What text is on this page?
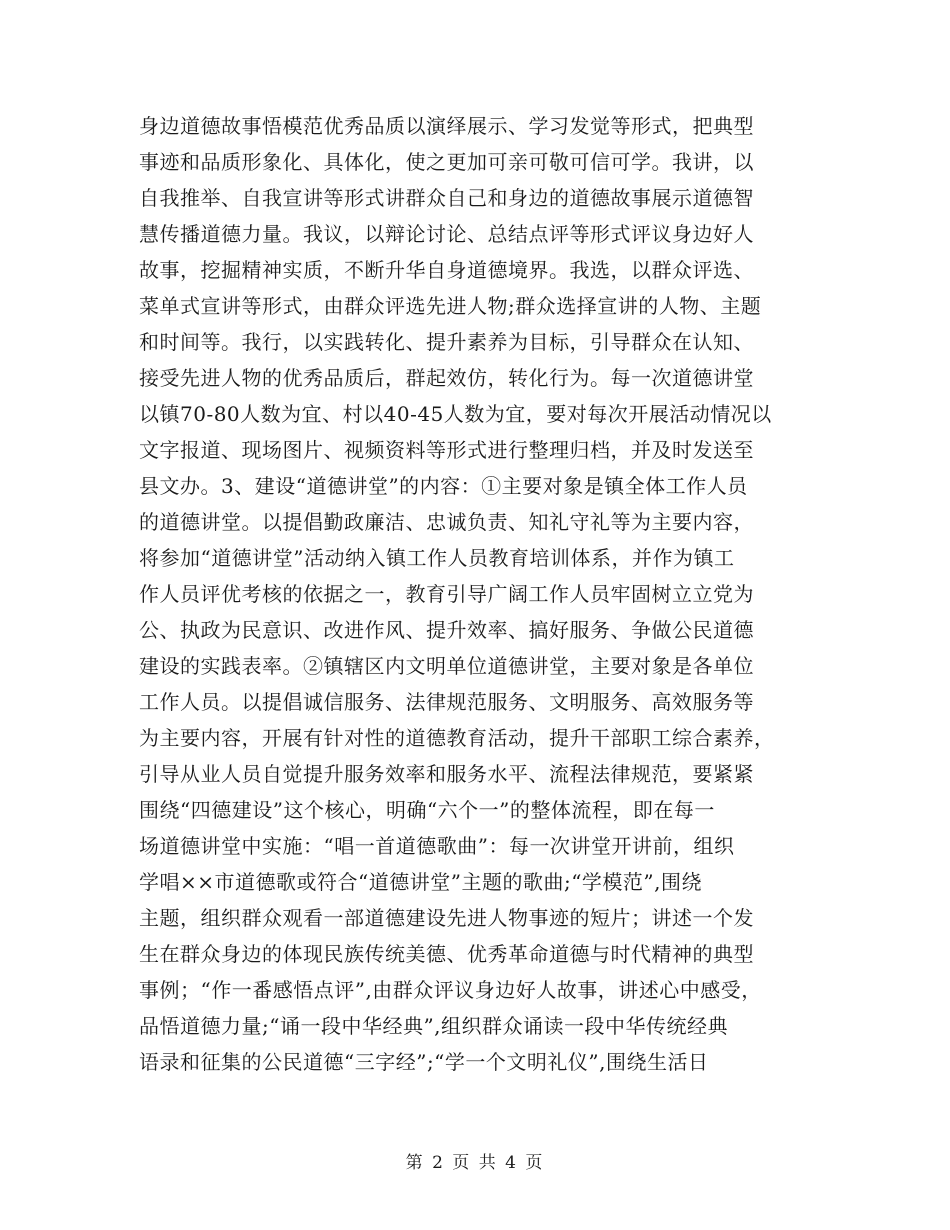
身边道德故事悟模范优秀品质以演绎展示、学习发觉等形式，把典型
事迹和品质形象化、具体化，使之更加可亲可敬可信可学。我讲，以
自我推举、自我宣讲等形式讲群众自己和身边的道德故事展示道德智
慧传播道德力量。我议，以辩论讨论、总结点评等形式评议身边好人
故事，挖掘精神实质，不断升华自身道德境界。我选，以群众评选、
菜单式宣讲等形式，由群众评选先进人物;群众选择宣讲的人物、主题
和时间等。我行，以实践转化、提升素养为目标，引导群众在认知、
接受先进人物的优秀品质后，群起效仿，转化行为。每一次道德讲堂
以镇70-80人数为宜、村以40-45人数为宜，要对每次开展活动情况以
文字报道、现场图片、视频资料等形式进行整理归档，并及时发送至
县文办。3、建设“道德讲堂”的内容：①主要对象是镇全体工作人员
的道德讲堂。以提倡勤政廉洁、忠诚负责、知礼守礼等为主要内容，
将参加“道德讲堂”活动纳入镇工作人员教育培训体系，并作为镇工
作人员评优考核的依据之一，教育引导广阔工作人员牢固树立立党为
公、执政为民意识、改进作风、提升效率、搞好服务、争做公民道德
建设的实践表率。②镇辖区内文明单位道德讲堂，主要对象是各单位
工作人员。以提倡诚信服务、法律规范服务、文明服务、高效服务等
为主要内容，开展有针对性的道德教育活动，提升干部职工综合素养，
引导从业人员自觉提升服务效率和服务水平、流程法律规范，要紧紧
围绕“四德建设”这个核心，明确“六个一”的整体流程，即在每一
场道德讲堂中实施：“唱一首道德歌曲”：每一次讲堂开讲前，组织
学唱××市道德歌或符合“道德讲堂”主题的歌曲;“学模范”,围绕
主题，组织群众观看一部道德建设先进人物事迹的短片；讲述一个发
生在群众身边的体现民族传统美德、优秀革命道德与时代精神的典型
事例；“作一番感悟点评”,由群众评议身边好人故事，讲述心中感受，
品悟道德力量;“诵一段中华经典”,组织群众诵读一段中华传统经典
语录和征集的公民道德“三字经”;“学一个文明礼仪”,围绕生活日
第 2 页 共 4 页
